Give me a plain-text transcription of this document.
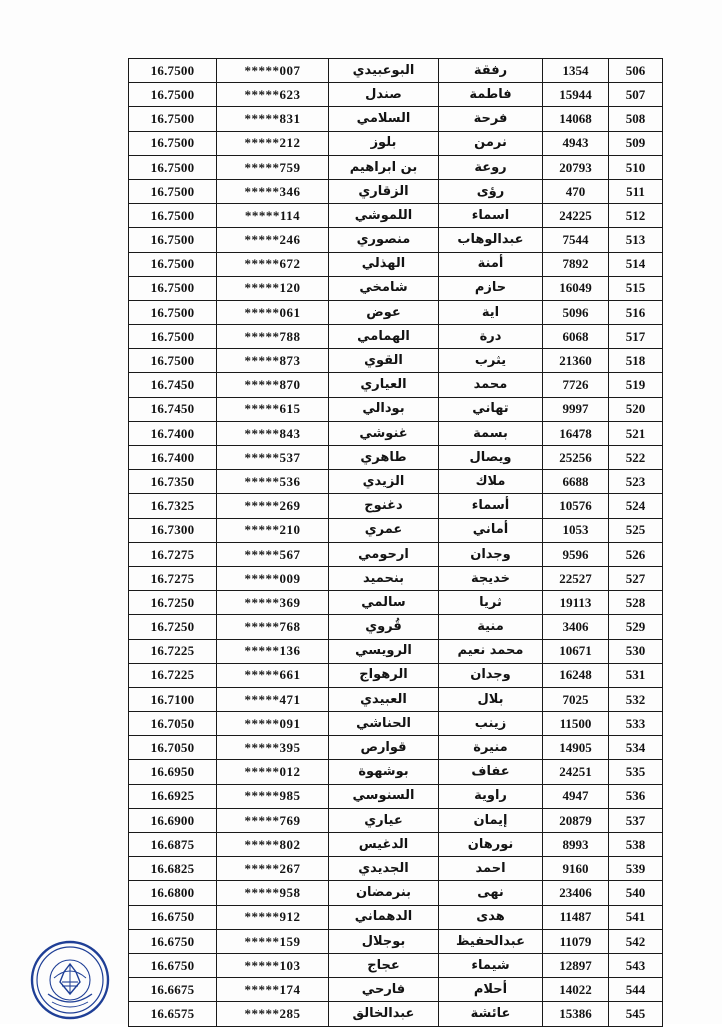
16.7500	*****007	البوعبيدي	رفقة	1354	506
16.7500	*****623	صندل	فاطمة	15944	507
16.7500	*****831	السلامي	فرحة	14068	508
16.7500	*****212	بلوز	نرمن	4943	509
16.7500	*****759	بن ابراهيم	روعة	20793	510
16.7500	*****346	الزقاري	رؤى	470	511
16.7500	*****114	اللموشي	اسماء	24225	512
16.7500	*****246	منصوري	عبدالوهاب	7544	513
16.7500	*****672	الهذلي	أمنة	7892	514
16.7500	*****120	شامخي	حازم	16049	515
16.7500	*****061	عوض	اية	5096	516
16.7500	*****788	الهمامي	درة	6068	517
16.7500	*****873	القوي	يثرب	21360	518
16.7450	*****870	العياري	محمد	7726	519
16.7450	*****615	بودالي	تهاني	9997	520
16.7400	*****843	غنوشي	بسمة	16478	521
16.7400	*****537	طاهري	ويصال	25256	522
16.7350	*****536	الزيدي	ملاك	6688	523
16.7325	*****269	دغنوج	أسماء	10576	524
16.7300	*****210	عمري	أماني	1053	525
16.7275	*****567	ارحومي	وجدان	9596	526
16.7275	*****009	بنحميد	خديجة	22527	527
16.7250	*****369	سالمي	ثريا	19113	528
16.7250	*****768	قُروي	منية	3406	529
16.7225	*****136	الرويسي	محمد نعيم	10671	530
16.7225	*****661	الرهواج	وجدان	16248	531
16.7100	*****471	العبيدي	بلال	7025	532
16.7050	*****091	الحناشي	زينب	11500	533
16.7050	*****395	قوارص	منيرة	14905	534
16.6950	*****012	بوشهوة	عفاف	24251	535
16.6925	*****985	السنوسي	راوية	4947	536
16.6900	*****769	عياري	إيمان	20879	537
16.6875	*****802	الدغيس	نورهان	8993	538
16.6825	*****267	الجديدي	احمد	9160	539
16.6800	*****958	بنرمضان	نهى	23406	540
16.6750	*****912	الدهماني	هدى	11487	541
16.6750	*****159	بوجلال	عبدالحفيظ	11079	542
16.6750	*****103	عجاج	شيماء	12897	543
16.6675	*****174	فارحي	أحلام	14022	544
16.6575	*****285	عبدالخالق	عائشة	15386	545
